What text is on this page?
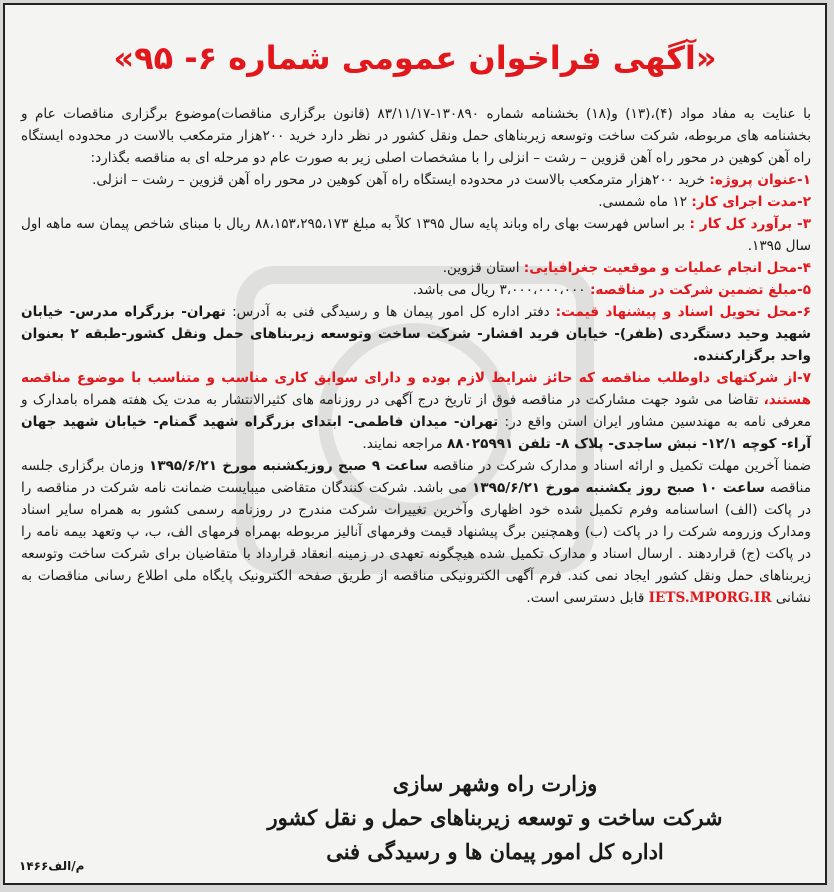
«آگهی فراخوان عمومی شماره ۶- ۹۵»

با عنایت به مفاد مواد (۴)،(۱۳) و(۱۸) بخشنامه شماره ۱۳۰۸۹۰-۸۳/۱۱/۱۷ (قانون برگزاری مناقصات)موضوع برگزاری مناقصات عام و بخشنامه های مربوطه، شرکت ساخت وتوسعه زیربناهای حمل ونقل کشور در نظر دارد خرید ۲۰۰هزار مترمکعب بالاست در محدوده ایستگاه راه آهن کوهین در محور راه آهن قزوین – رشت – انزلی را با مشخصات اصلی زیر به صورت عام دو مرحله ای به مناقصه بگذارد:

۱-عنوان پروژه: خرید ۲۰۰هزار مترمکعب بالاست در محدوده ایستگاه راه آهن کوهین در محور راه آهن قزوین – رشت – انزلی.

۲-مدت اجرای کار: ۱۲ ماه شمسی.

۳- برآورد کل کار : بر اساس فهرست بهای راه وباند پایه سال ۱۳۹۵ کلاً به مبلغ ۸۸،۱۵۳،۲۹۵،۱۷۳ ریال با مبنای شاخص پیمان سه ماهه اول سال ۱۳۹۵.

۴-محل انجام عملیات و موقعیت جغرافیایی: استان قزوین.

۵-مبلغ تضمین شرکت در مناقصه: ۳،۰۰۰،۰۰۰،۰۰۰ ریال می باشد.

۶-محل تحویل اسناد و پیشنهاد قیمت: دفتر اداره کل امور پیمان ها و رسیدگی فنی به آدرس: تهران- بزرگراه مدرس- خیابان شهید وحید دستگردی (ظفر)- خیابان فرید افشار- شرکت ساخت وتوسعه زیربناهای حمل ونقل کشور-طبقه ۲ بعنوان واحد برگزارکننده.

۷-از شرکتهای داوطلب مناقصه که حائز شرایط لازم بوده و دارای سوابق کاری مناسب و متناسب با موضوع مناقصه هستند، تقاضا می شود جهت مشارکت در مناقصه فوق از تاریخ درج آگهی در روزنامه های کثیرالانتشار به مدت یک هفته همراه بامدارک و معرفی نامه به مهندسین مشاور ایران استن واقع در: تهران- میدان فاطمی- ابتدای بزرگراه شهید گمنام- خیابان شهید جهان آراء- کوچه ۱۲/۱- نبش ساجدی- پلاک ۸- تلفن ۸۸۰۲۵۹۹۱ مراجعه نمایند.

ضمنا آخرین مهلت تکمیل و ارائه اسناد و مدارک شرکت در مناقصه ساعت ۹ صبح روزیکشنبه مورخ ۱۳۹۵/۶/۲۱ وزمان برگزاری جلسه مناقصه ساعت ۱۰ صبح روز یکشنبه مورخ ۱۳۹۵/۶/۲۱ می باشد. شرکت کنندگان متقاضی میبایست ضمانت نامه شرکت در مناقصه را در پاکت (الف) اساسنامه وفرم تکمیل شده خود اظهاری وآخرین تغییرات شرکت مندرج در روزنامه رسمی کشور به همراه سایر اسناد ومدارک وزرومه شرکت را در پاکت (ب) وهمچنین برگ پیشنهاد قیمت وفرمهای آنالیز مربوطه بهمراه فرمهای الف، ب، پ وتعهد بیمه نامه را در پاکت (ج) قراردهند . ارسال اسناد و مدارک تکمیل شده هیچگونه تعهدی در زمینه انعقاد قرارداد با متقاضیان برای شرکت ساخت وتوسعه زیربناهای حمل ونقل کشور ایجاد نمی کند. فرم آگهی الکترونیکی مناقصه از طریق صفحه الکترونیک پایگاه ملی اطلاع رسانی مناقصات به نشانی IETS.MPORG.IR قابل دسترسی است.

وزارت راه وشهر سازی
شرکت ساخت و توسعه زیربناهای حمل و نقل کشور
اداره کل امور پیمان ها و رسیدگی فنی
۱۴۶۶م/الف
